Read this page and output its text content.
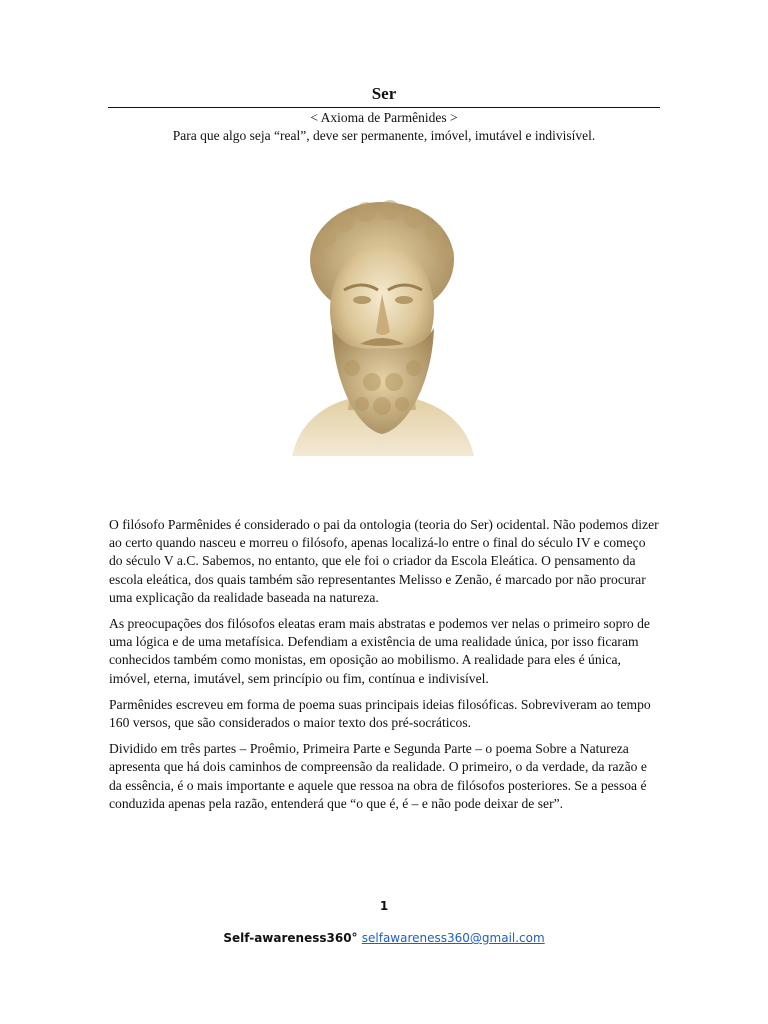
Ser
< Axioma de Parmênides >
Para que algo seja “real”, deve ser permanente, imóvel, imutável e indivisível.

O filósofo Parmênides é considerado o pai da ontologia (teoria do Ser) ocidental. Não podemos dizer ao certo quando nasceu e morreu o filósofo, apenas localizá-lo entre o final do século IV e começo do século V a.C. Sabemos, no entanto, que ele foi o criador da Escola Eleática. O pensamento da escola eleática, dos quais também são representantes Melisso e Zenão, é marcado por não procurar uma explicação da realidade baseada na natureza.

As preocupações dos filósofos eleatas eram mais abstratas e podemos ver nelas o primeiro sopro de uma lógica e de uma metafísica. Defendiam a existência de uma realidade única, por isso ficaram conhecidos também como monistas, em oposição ao mobilismo. A realidade para eles é única, imóvel, eterna, imutável, sem princípio ou fim, contínua e indivisível.

Parmênides escreveu em forma de poema suas principais ideias filosóficas. Sobreviveram ao tempo 160 versos, que são considerados o maior texto dos pré-socráticos.

Dividido em três partes – Proêmio, Primeira Parte e Segunda Parte – o poema Sobre a Natureza apresenta que há dois caminhos de compreensão da realidade. O primeiro, o da verdade, da razão e da essência, é o mais importante e aquele que ressoa na obra de filósofos posteriores. Se a pessoa é conduzida apenas pela razão, entenderá que “o que é, é – e não pode deixar de ser”.

1
Self-awareness360° selfawareness360@gmail.com
